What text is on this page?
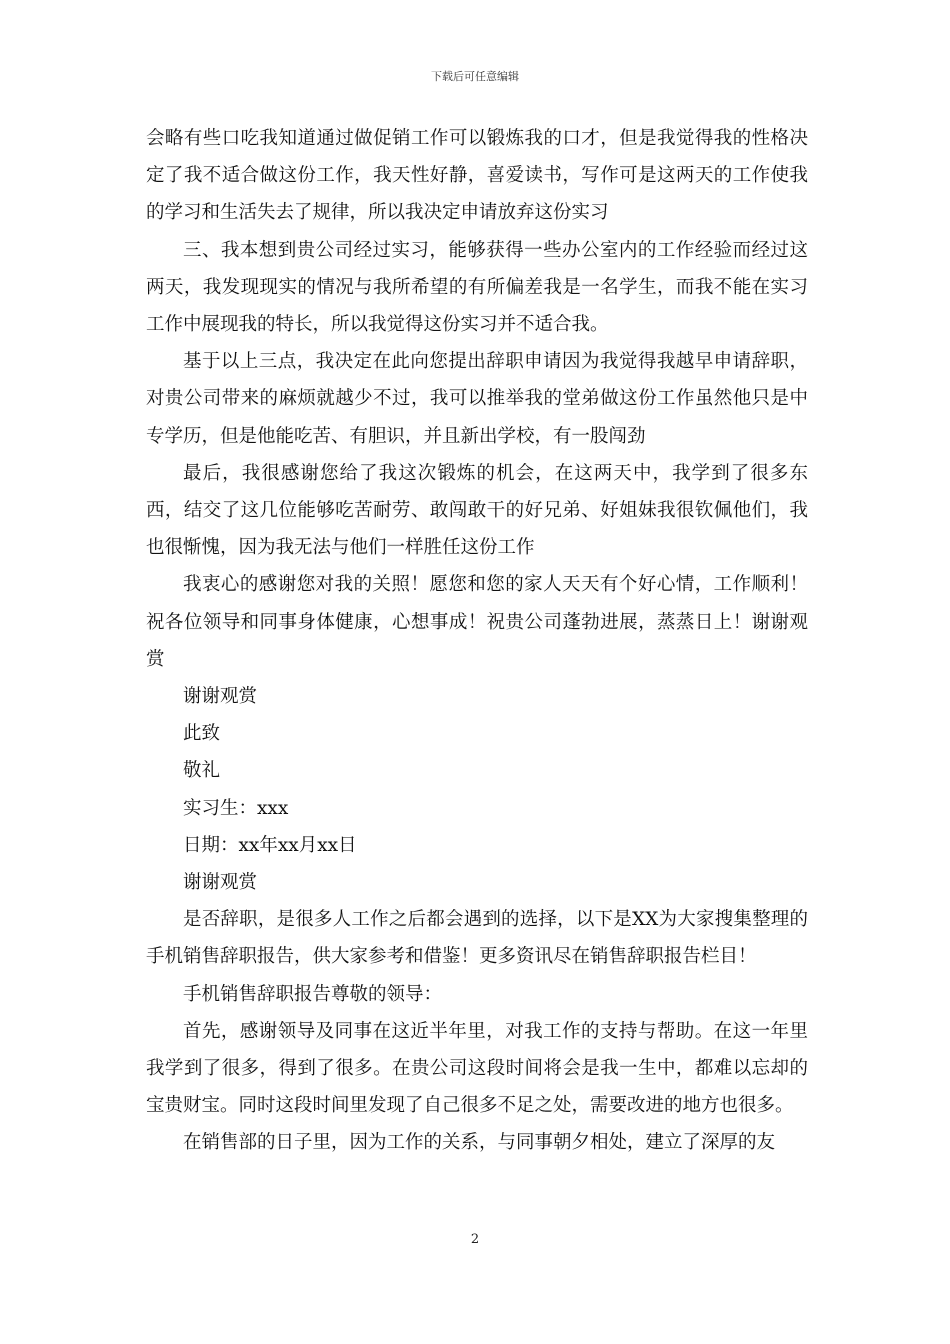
下载后可任意编辑

会略有些口吃我知道通过做促销工作可以锻炼我的口才，但是我觉得我的性格决定了我不适合做这份工作，我天性好静，喜爱读书，写作可是这两天的工作使我的学习和生活失去了规律，所以我决定申请放弃这份实习

三、我本想到贵公司经过实习，能够获得一些办公室内的工作经验而经过这两天，我发现现实的情况与我所希望的有所偏差我是一名学生，而我不能在实习工作中展现我的特长，所以我觉得这份实习并不适合我。

基于以上三点，我决定在此向您提出辞职申请因为我觉得我越早申请辞职，对贵公司带来的麻烦就越少不过，我可以推举我的堂弟做这份工作虽然他只是中专学历，但是他能吃苦、有胆识，并且新出学校，有一股闯劲

最后，我很感谢您给了我这次锻炼的机会，在这两天中，我学到了很多东西，结交了这几位能够吃苦耐劳、敢闯敢干的好兄弟、好姐妹我很钦佩他们，我也很惭愧，因为我无法与他们一样胜任这份工作

我衷心的感谢您对我的关照！愿您和您的家人天天有个好心情，工作顺利！祝各位领导和同事身体健康，心想事成！祝贵公司蓬勃进展，蒸蒸日上！谢谢观赏

谢谢观赏

此致

敬礼

实习生：xxx

日期：xx年xx月xx日

谢谢观赏

是否辞职，是很多人工作之后都会遇到的选择，以下是XX为大家搜集整理的手机销售辞职报告，供大家参考和借鉴！更多资讯尽在销售辞职报告栏目！

手机销售辞职报告尊敬的领导：

首先，感谢领导及同事在这近半年里，对我工作的支持与帮助。在这一年里我学到了很多，得到了很多。在贵公司这段时间将会是我一生中，都难以忘却的宝贵财宝。同时这段时间里发现了自己很多不足之处，需要改进的地方也很多。

在销售部的日子里，因为工作的关系，与同事朝夕相处，建立了深厚的友

2
